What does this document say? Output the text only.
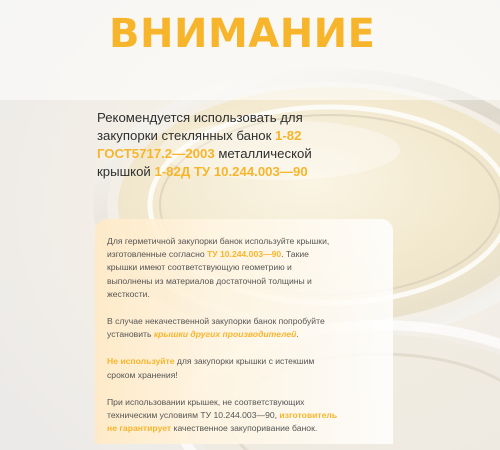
ВНИМАНИЕ

Рекомендуется использовать для
закупорки стеклянных банок 1-82
ГОСТ5717.2—2003 металлической
крышкой 1-82Д ТУ 10.244.003—90

Для герметичной закупорки банок используйте крышки,
изготовленные согласно ТУ 10.244.003—90. Такие
крышки имеют соответствующую геометрию и
выполнены из материалов достаточной толщины и
жесткости.

В случае некачественной закупорки банок попробуйте
установить крышки других производителей.

Не используйте для закупорки крышки с истекшим
сроком хранения!

При использовании крышек, не соответствующих
техническим условиям ТУ 10.244.003—90, изготовитель
не гарантирует качественное закупоривание банок.
